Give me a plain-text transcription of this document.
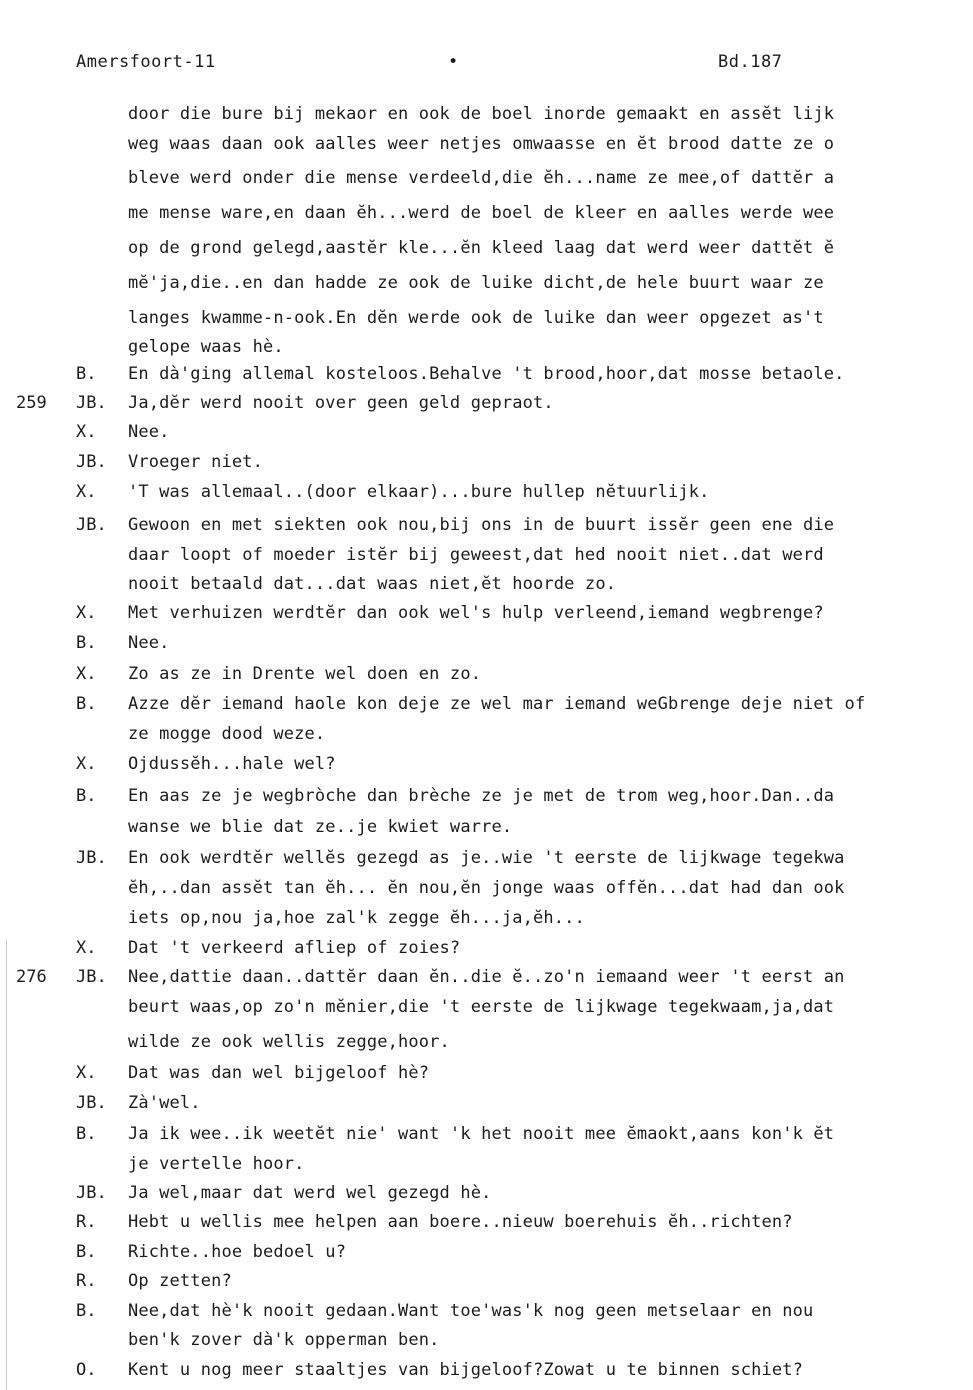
Amersfoort-11	•	Bd.187
door die bure bij mekaor en ook de boel inorde gemaakt en assĕt lijk
weg waas daan ook aalles weer netjes omwaasse en ĕt brood datte ze o
bleve werd onder die mense verdeeld,die ĕh...name ze mee,of dattĕr a
me mense ware,en daan ĕh...werd de boel de kleer en aalles werde wee
op de grond gelegd,aastĕr kle...ĕn kleed laag dat werd weer dattĕt ĕ
mĕ'ja,die..en dan hadde ze ook de luike dicht,de hele buurt waar ze
langes kwamme-n-ook.En dĕn werde ook de luike dan weer opgezet as't
gelope waas hè.
B.	En dà'ging allemal kosteloos.Behalve 't brood,hoor,dat mosse betaole.
259	JB.	Ja,dĕr werd nooit over geen geld gepraot.
X.	Nee.
JB.	Vroeger niet.
X.	'T was allemaal..(door elkaar)...bure hullep nĕtuurlijk.
JB.	Gewoon en met siekten ook nou,bij ons in de buurt issĕr geen ene die
daar loopt of moeder istĕr bij geweest,dat hed nooit niet..dat werd
nooit betaald dat...dat waas niet,ĕt hoorde zo.
X.	Met verhuizen werdtĕr dan ook wel's hulp verleend,iemand wegbrenge?
B.	Nee.
X.	Zo as ze in Drente wel doen en zo.
B.	Azze dĕr iemand haole kon deje ze wel mar iemand weGbrenge deje niet of
ze mogge dood weze.
X.	Ojdussĕh...hale wel?
B.	En aas ze je wegbròche dan brèche ze je met de trom weg,hoor.Dan..da
wanse we blie dat ze..je kwiet warre.
JB.	En ook werdtĕr wellĕs gezegd as je..wie 't eerste de lijkwage tegekwa
ĕh,..dan assĕt tan ĕh... ĕn nou,ĕn jonge waas offĕn...dat had dan ook
iets op,nou ja,hoe zal'k zegge ĕh...ja,ĕh...
X.	Dat 't verkeerd afliep of zoies?
276	JB.	Nee,dattie daan..dattĕr daan ĕn..die ĕ..zo'n iemaand weer 't eerst an
beurt waas,op zo'n mĕnier,die 't eerste de lijkwage tegekwaam,ja,dat
wilde ze ook wellis zegge,hoor.
X.	Dat was dan wel bijgeloof hè?
JB.	Zà'wel.
B.	Ja ik wee..ik weetĕt nie' want 'k het nooit mee ĕmaokt,aans kon'k ĕt
je vertelle hoor.
JB.	Ja wel,maar dat werd wel gezegd hè.
R.	Hebt u wellis mee helpen aan boere..nieuw boerehuis ĕh..richten?
B.	Richte..hoe bedoel u?
R.	Op zetten?
B.	Nee,dat hè'k nooit gedaan.Want toe'was'k nog geen metselaar en nou
ben'k zover dà'k opperman ben.
O.	Kent u nog meer staaltjes van bijgeloof?Zowat u te binnen schiet?
